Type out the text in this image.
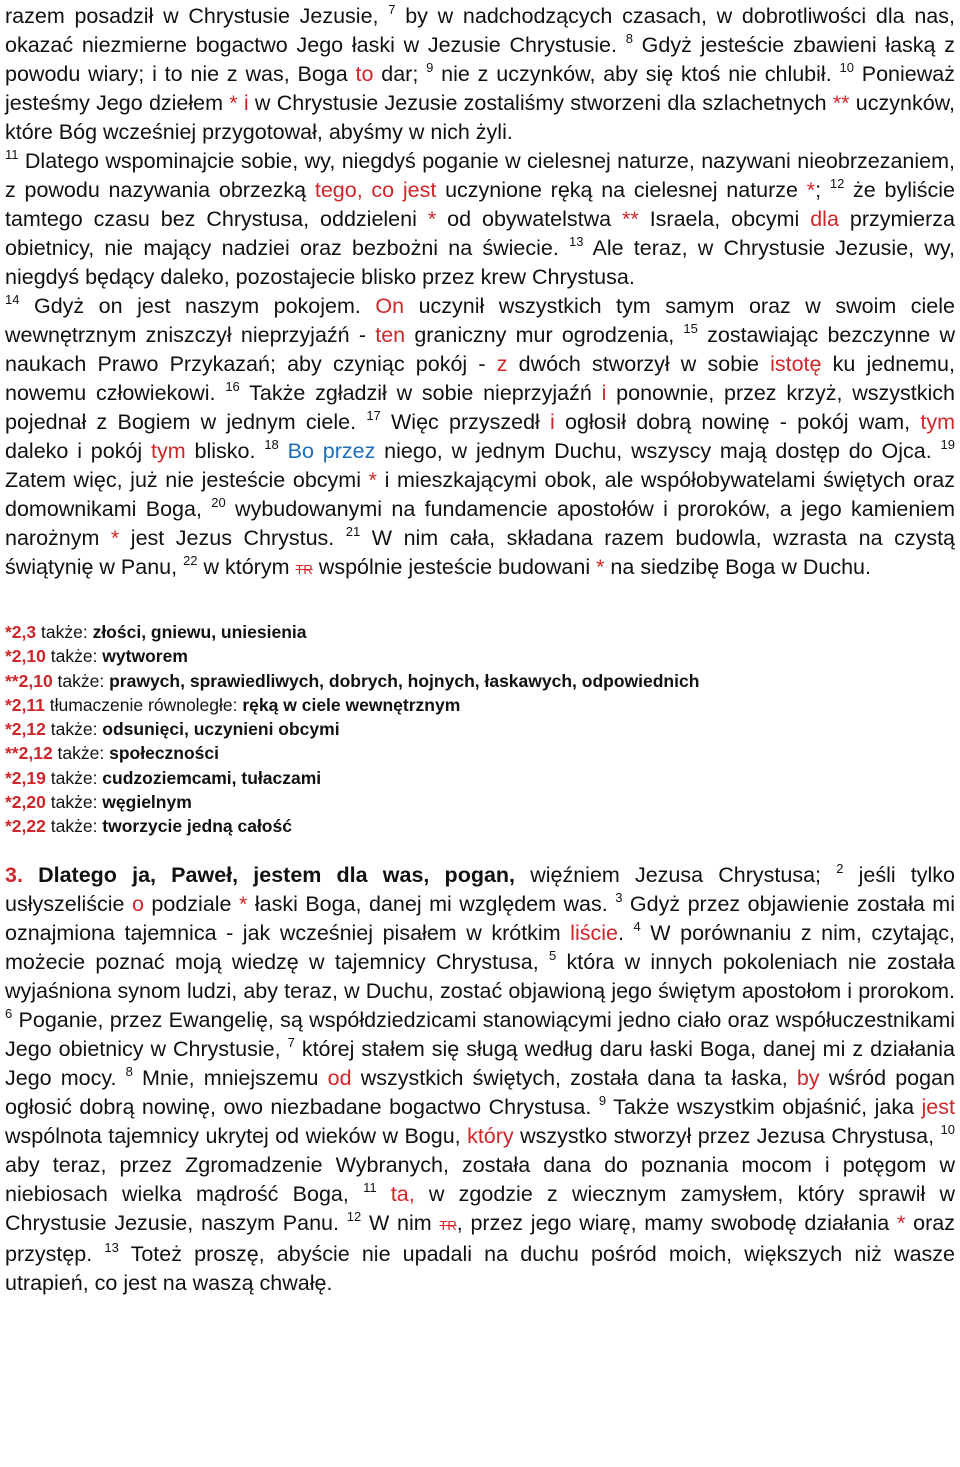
razem posadził w Chrystusie Jezusie, $^7$ by w nadchodzących czasach, w dobrotliwości dla nas, okazać niezmierne bogactwo Jego łaski w Jezusie Chrystusie. $^8$ Gdyż jesteście zbawieni łaską z powodu wiary; i to nie z was, Boga to dar; $^9$ nie z uczynków, aby się ktoś nie chlubił. $^{10}$ Ponieważ jesteśmy Jego dziełem * i w Chrystusie Jezusie zostaliśmy stworzeni dla szlachetnych ** uczynków, które Bóg wcześniej przygotował, abyśmy w nich żyli.

$^{11}$ Dlatego wspominajcie sobie, wy, niegdyś poganie w cielesnej naturze, nazywani nieobrzezaniem, z powodu nazywania obrzezką tego, co jest uczynione ręką na cielesnej naturze *; $^{12}$ że byliście tamtego czasu bez Chrystusa, oddzieleni * od obywatelstwa ** Israela, obcymi dla przymierza obietnicy, nie mający nadziei oraz bezbożni na świecie. $^{13}$ Ale teraz, w Chrystusie Jezusie, wy, niegdyś będący daleko, pozostajecie blisko przez krew Chrystusa.

$^{14}$ Gdyż on jest naszym pokojem. On uczynił wszystkich tym samym oraz w swoim ciele wewnętrznym zniszczył nieprzyjaźń - ten graniczny mur ogrodzenia, $^{15}$ zostawiając bezczynne w naukach Prawo Przykazań; aby czyniąc pokój - z dwóch stworzył w sobie istotę ku jednemu, nowemu człowiekowi. $^{16}$ Także zgładził w sobie nieprzyjaźń i ponownie, przez krzyż, wszystkich pojednał z Bogiem w jednym ciele. $^{17}$ Więc przyszedł i ogłosił dobrą nowinę - pokój wam, tym daleko i pokój tym blisko. $^{18}$ Bo przez niego, w jednym Duchu, wszyscy mają dostęp do Ojca. $^{19}$ Zatem więc, już nie jesteście obcymi * i mieszkającymi obok, ale współobywatelami świętych oraz domownikami Boga, $^{20}$ wybudowanymi na fundamencie apostołów i proroków, a jego kamieniem narożnym * jest Jezus Chrystus. $^{21}$ W nim cała, składana razem budowla, wzrasta na czystą świątynię w Panu, $^{22}$ w którym TR wspólnie jesteście budowani * na siedzibę Boga w Duchu.

*2,3 także: złości, gniewu, uniesienia
*2,10 także: wytworem
**2,10 także: prawych, sprawiedliwych, dobrych, hojnych, łaskawych, odpowiednich
*2,11 tłumaczenie równoległe: ręką w ciele wewnętrznym
*2,12 także: odsunięci, uczynieni obcymi
**2,12 także: społeczności
*2,19 także: cudzoziemcami, tułaczami
*2,20 także: węgielnym
*2,22 także: tworzycie jedną całość

3. Dlatego ja, Paweł, jestem dla was, pogan, więźniem Jezusa Chrystusa; $^2$ jeśli tylko usłyszeliście o podziale * łaski Boga, danej mi względem was. $^3$ Gdyż przez objawienie została mi oznajmiona tajemnica - jak wcześniej pisałem w krótkim liście. $^4$ W porównaniu z nim, czytając, możecie poznać moją wiedzę w tajemnicy Chrystusa, $^5$ która w innych pokoleniach nie została wyjaśniona synom ludzi, aby teraz, w Duchu, zostać objawioną jego świętym apostołom i prorokom. $^6$ Poganie, przez Ewangelię, są współdziedzicami stanowiącymi jedno ciało oraz współuczestnikami Jego obietnicy w Chrystusie, $^7$ której stałem się sługą według daru łaski Boga, danej mi z działania Jego mocy. $^8$ Mnie, mniejszemu od wszystkich świętych, została dana ta łaska, by wśród pogan ogłosić dobrą nowinę, owo niezbadane bogactwo Chrystusa. $^9$ Także wszystkim objaśnić, jaka jest wspólnota tajemnicy ukrytej od wieków w Bogu, który wszystko stworzył przez Jezusa Chrystusa, $^{10}$ aby teraz, przez Zgromadzenie Wybranych, została dana do poznania mocom i potęgom w niebiosach wielka mądrość Boga, $^{11}$ ta, w zgodzie z wiecznym zamysłem, który sprawił w Chrystusie Jezusie, naszym Panu. $^{12}$ W nim TR, przez jego wiarę, mamy swobodę działania * oraz przystęp. $^{13}$ Toteż proszę, abyście nie upadali na duchu pośród moich, większych niż wasze utrapień, co jest na waszą chwałę.
